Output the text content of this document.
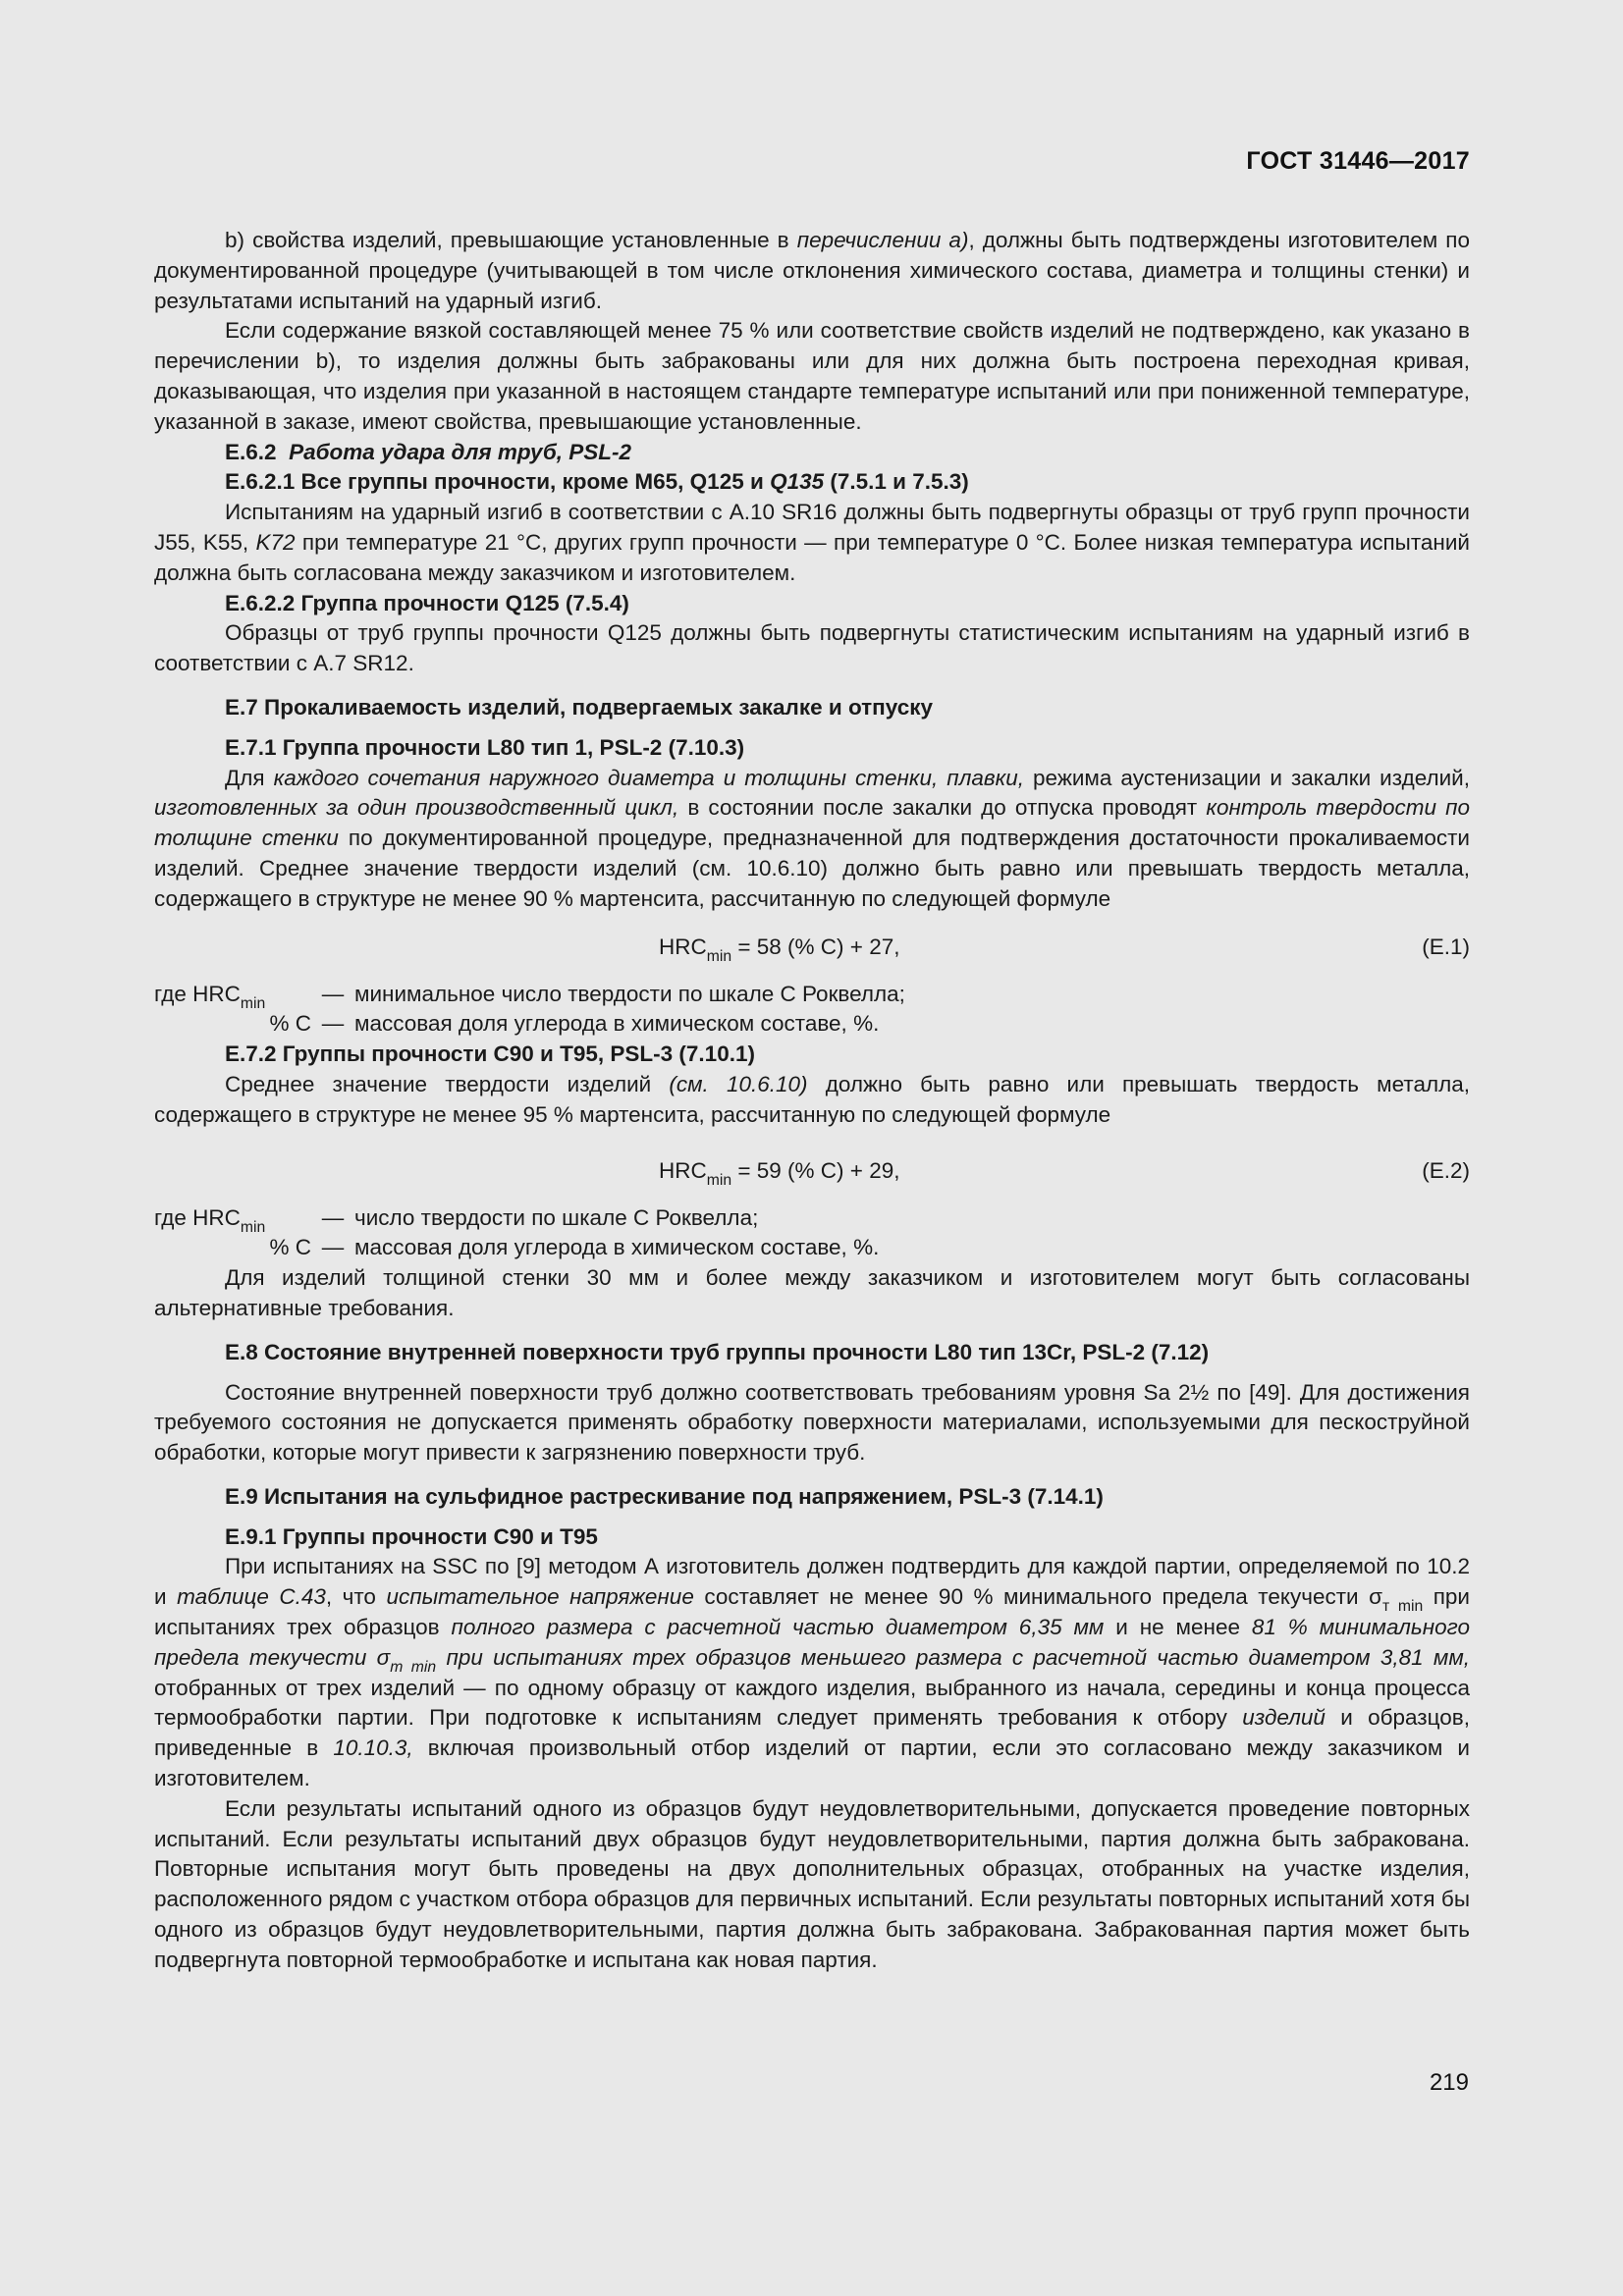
ГОСТ 31446—2017

b) свойства изделий, превышающие установленные в перечислении а), должны быть подтверждены изготовителем по документированной процедуре (учитывающей в том числе отклонения химического состава, диаметра и толщины стенки) и результатами испытаний на ударный изгиб.

Если содержание вязкой составляющей менее 75 % или соответствие свойств изделий не подтверждено, как указано в перечислении b), то изделия должны быть забракованы или для них должна быть построена переходная кривая, доказывающая, что изделия при указанной в настоящем стандарте температуре испытаний или при пониженной температуре, указанной в заказе, имеют свойства, превышающие установленные.

Е.6.2 Работа удара для труб, PSL-2

Е.6.2.1 Все группы прочности, кроме M65, Q125 и Q135 (7.5.1 и 7.5.3)

Испытаниям на ударный изгиб в соответствии с А.10 SR16 должны быть подвергнуты образцы от труб групп прочности J55, K55, K72 при температуре 21 °С, других групп прочности — при температуре 0 °С. Более низкая температура испытаний должна быть согласована между заказчиком и изготовителем.

Е.6.2.2 Группа прочности Q125 (7.5.4)

Образцы от труб группы прочности Q125 должны быть подвергнуты статистическим испытаниям на ударный изгиб в соответствии с А.7 SR12.

Е.7 Прокаливаемость изделий, подвергаемых закалке и отпуску

Е.7.1 Группа прочности L80 тип 1, PSL-2 (7.10.3)

Для каждого сочетания наружного диаметра и толщины стенки, плавки, режима аустенизации и закалки изделий, изготовленных за один производственный цикл, в состоянии после закалки до отпуска проводят контроль твердости по толщине стенки по документированной процедуре, предназначенной для подтверждения достаточности прокаливаемости изделий. Среднее значение твердости изделий (см. 10.6.10) должно быть равно или превышать твердость металла, содержащего в структуре не менее 90 % мартенсита, рассчитанную по следующей формуле

$HRC_{min} = 58$ (% C) + 27,	(Е.1)
где $HRC_{min}$	— минимальное число твердости по шкале С Роквелла;
% С — массовая доля углерода в химическом составе, %.

Е.7.2 Группы прочности С90 и Т95, PSL-3 (7.10.1)

Среднее значение твердости изделий (см. 10.6.10) должно быть равно или превышать твердость металла, содержащего в структуре не менее 95 % мартенсита, рассчитанную по следующей формуле

$HRC_{min} = 59$ (% C) + 29,	(Е.2)
где $HRC_{min}$	— число твердости по шкале С Роквелла;
% С — массовая доля углерода в химическом составе, %.

Для изделий толщиной стенки 30 мм и более между заказчиком и изготовителем могут быть согласованы альтернативные требования.

Е.8 Состояние внутренней поверхности труб группы прочности L80 тип 13Cr, PSL-2 (7.12)

Состояние внутренней поверхности труб должно соответствовать требованиям уровня Sa 2½ по [49]. Для достижения требуемого состояния не допускается применять обработку поверхности материалами, используемыми для пескоструйной обработки, которые могут привести к загрязнению поверхности труб.

Е.9 Испытания на сульфидное растрескивание под напряжением, PSL-3 (7.14.1)

Е.9.1 Группы прочности С90 и Т95

При испытаниях на SSC по [9] методом А изготовитель должен подтвердить для каждой партии, определяемой по 10.2 и таблице С.43, что испытательное напряжение составляет не менее 90 % минимального предела текучести $\sigma_{т min}$ при испытаниях трех образцов полного размера с расчетной частью диаметром 6,35 мм и не менее 81 % минимального предела текучести $\sigma_{т min}$ при испытаниях трех образцов меньшего размера с расчетной частью диаметром 3,81 мм, отобранных от трех изделий — по одному образцу от каждого изделия, выбранного из начала, середины и конца процесса термообработки партии. При подготовке к испытаниям следует применять требования к отбору изделий и образцов, приведенные в 10.10.3, включая произвольный отбор изделий от партии, если это согласовано между заказчиком и изготовителем.

Если результаты испытаний одного из образцов будут неудовлетворительными, допускается проведение повторных испытаний. Если результаты испытаний двух образцов будут неудовлетворительными, партия должна быть забракована. Повторные испытания могут быть проведены на двух дополнительных образцах, отобранных на участке изделия, расположенного рядом с участком отбора образцов для первичных испытаний. Если результаты повторных испытаний хотя бы одного из образцов будут неудовлетворительными, партия должна быть забракована. Забракованная партия может быть подвергнута повторной термообработке и испытана как новая партия.

219
